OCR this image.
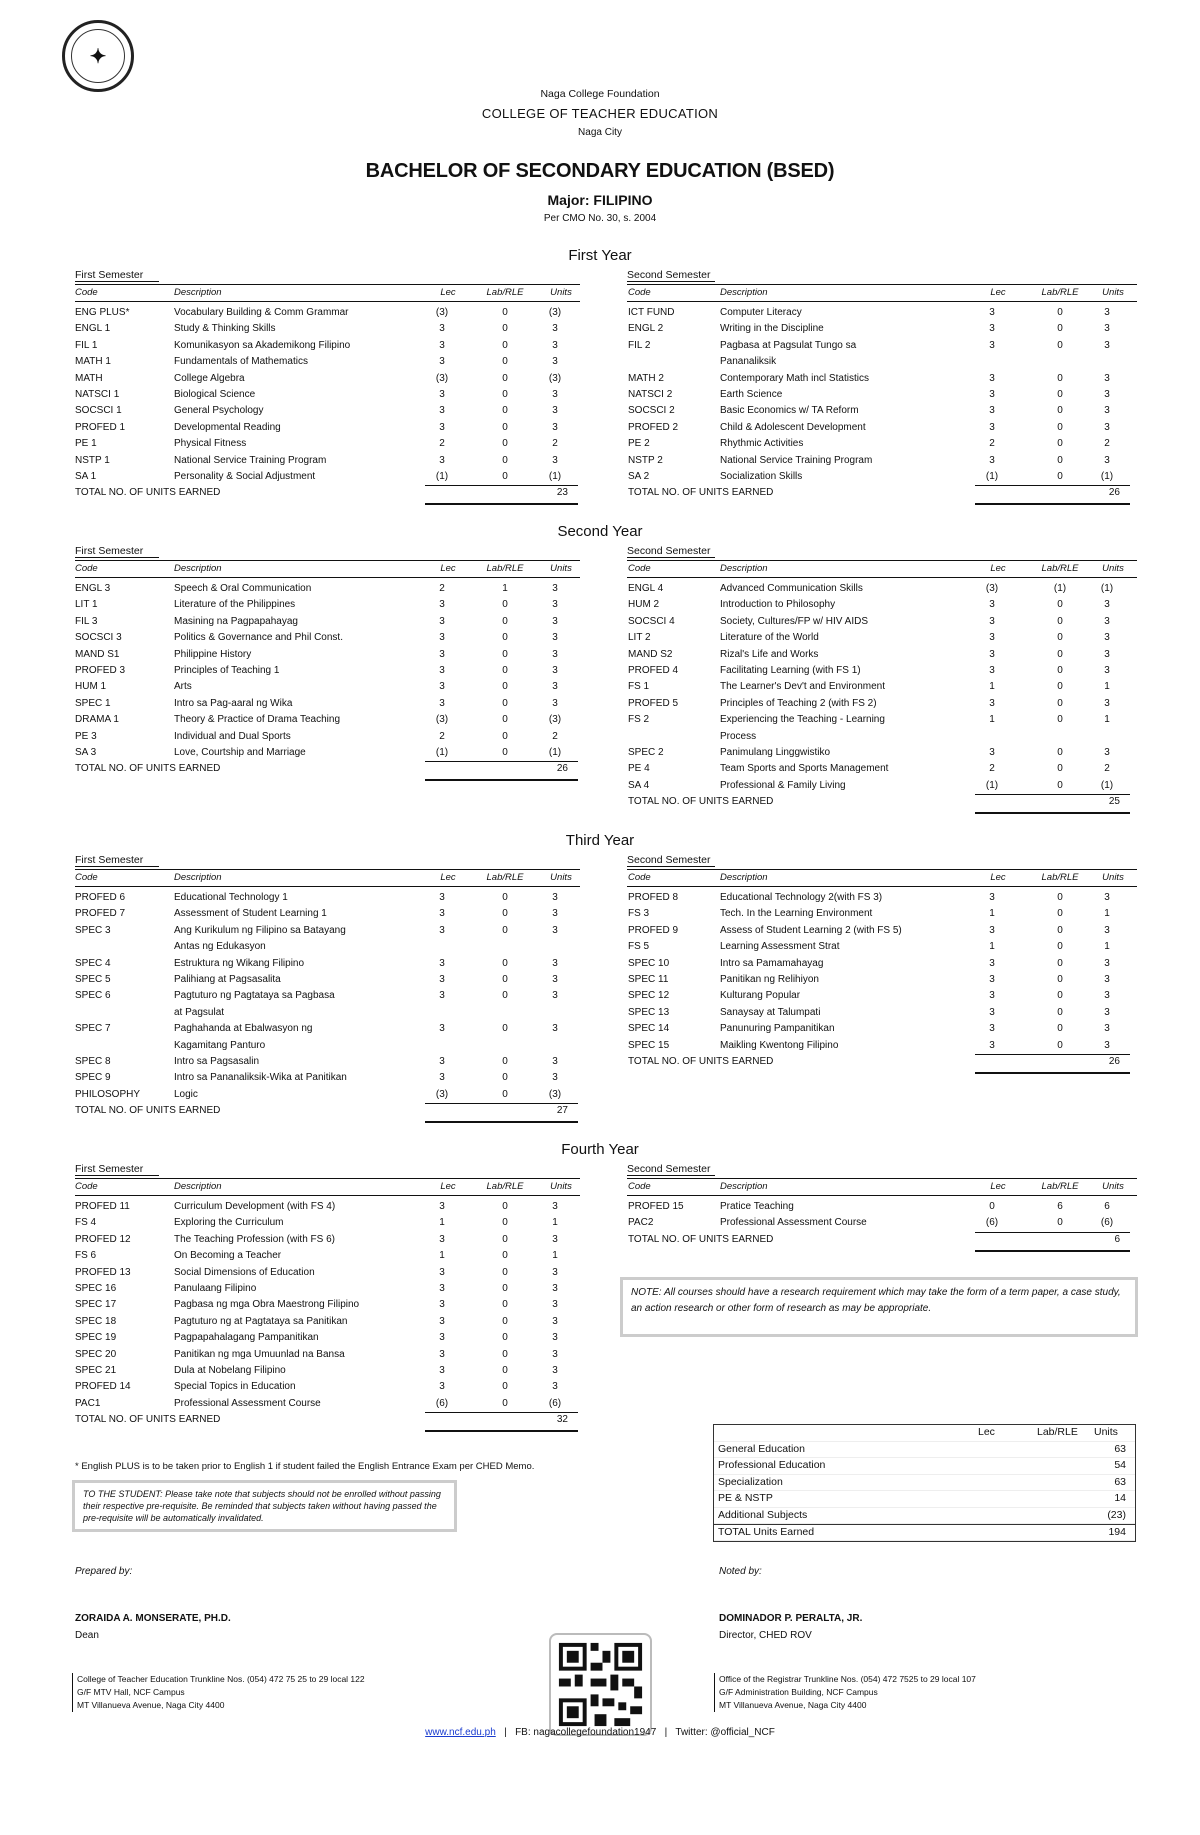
✦
Naga College Foundation
COLLEGE OF TEACHER EDUCATION
Naga City
BACHELOR OF SECONDARY EDUCATION (BSED)
Major: FILIPINO
Per CMO No. 30, s. 2004
First Year
First Semester
Code	Description	Lec	Lab/RLE	Units
ENG PLUS*	Vocabulary Building & Comm Grammar	(3)	0	(3)
ENGL 1	Study & Thinking Skills	3	0	3
FIL 1	Komunikasyon sa Akademikong Filipino	3	0	3
MATH 1	Fundamentals of Mathematics	3	0	3
MATH	College Algebra	(3)	0	(3)
NATSCI 1	Biological Science	3	0	3
SOCSCI 1	General Psychology	3	0	3
PROFED 1	Developmental Reading	3	0	3
PE 1	Physical Fitness	2	0	2
NSTP 1	National Service Training Program	3	0	3
SA 1	Personality & Social Adjustment	(1)	0	(1)
TOTAL NO. OF UNITS EARNED	23
Second Semester
Code	Description	Lec	Lab/RLE	Units
ICT FUND	Computer Literacy	3	0	3
ENGL 2	Writing in the Discipline	3	0	3
FIL 2	Pagbasa at Pagsulat Tungo sa	3	0	3
Pananaliksik
MATH 2	Contemporary Math incl Statistics	3	0	3
NATSCI 2	Earth Science	3	0	3
SOCSCI 2	Basic Economics w/ TA Reform	3	0	3
PROFED 2	Child & Adolescent Development	3	0	3
PE 2	Rhythmic Activities	2	0	2
NSTP 2	National Service Training Program	3	0	3
SA 2	Socialization Skills	(1)	0	(1)
TOTAL NO. OF UNITS EARNED	26
Second Year
First Semester
Code	Description	Lec	Lab/RLE	Units
ENGL 3	Speech & Oral Communication	2	1	3
LIT 1	Literature of the Philippines	3	0	3
FIL 3	Masining na Pagpapahayag	3	0	3
SOCSCI 3	Politics & Governance and Phil Const.	3	0	3
MAND S1	Philippine History	3	0	3
PROFED 3	Principles of Teaching 1	3	0	3
HUM 1	Arts	3	0	3
SPEC 1	Intro sa Pag-aaral ng Wika	3	0	3
DRAMA 1	Theory & Practice of Drama Teaching	(3)	0	(3)
PE 3	Individual and Dual Sports	2	0	2
SA 3	Love, Courtship and Marriage	(1)	0	(1)
TOTAL NO. OF UNITS EARNED	26
Second Semester
Code	Description	Lec	Lab/RLE	Units
ENGL 4	Advanced Communication Skills	(3)	(1)	(1)
HUM 2	Introduction to Philosophy	3	0	3
SOCSCI 4	Society, Cultures/FP w/ HIV AIDS	3	0	3
LIT 2	Literature of the World	3	0	3
MAND S2	Rizal's Life and Works	3	0	3
PROFED 4	Facilitating Learning (with FS 1)	3	0	3
FS 1	The Learner's Dev't and Environment	1	0	1
PROFED 5	Principles of Teaching 2 (with FS 2)	3	0	3
FS 2	Experiencing the Teaching - Learning	1	0	1
Process
SPEC 2	Panimulang Linggwistiko	3	0	3
PE 4	Team Sports and Sports Management	2	0	2
SA 4	Professional & Family Living	(1)	0	(1)
TOTAL NO. OF UNITS EARNED	25
Third Year
First Semester
Code	Description	Lec	Lab/RLE	Units
PROFED 6	Educational Technology 1	3	0	3
PROFED 7	Assessment of Student Learning 1	3	0	3
SPEC 3	Ang Kurikulum ng Filipino sa Batayang	3	0	3
Antas ng Edukasyon
SPEC 4	Estruktura ng Wikang Filipino	3	0	3
SPEC 5	Palihiang at Pagsasalita	3	0	3
SPEC 6	Pagtuturo ng Pagtataya sa Pagbasa	3	0	3
at Pagsulat
SPEC 7	Paghahanda at Ebalwasyon ng	3	0	3
Kagamitang Panturo
SPEC 8	Intro sa Pagsasalin	3	0	3
SPEC 9	Intro sa Pananaliksik-Wika at Panitikan	3	0	3
PHILOSOPHY	Logic	(3)	0	(3)
TOTAL NO. OF UNITS EARNED	27
Second Semester
Code	Description	Lec	Lab/RLE	Units
PROFED 8	Educational Technology 2(with FS 3)	3	0	3
FS 3	Tech. In the Learning Environment	1	0	1
PROFED 9	Assess of Student Learning 2 (with FS 5)	3	0	3
FS 5	Learning Assessment Strat	1	0	1
SPEC 10	Intro sa Pamamahayag	3	0	3
SPEC 11	Panitikan ng Relihiyon	3	0	3
SPEC 12	Kulturang Popular	3	0	3
SPEC 13	Sanaysay at Talumpati	3	0	3
SPEC 14	Panunuring Pampanitikan	3	0	3
SPEC 15	Maikling Kwentong Filipino	3	0	3
TOTAL NO. OF UNITS EARNED	26
Fourth Year
First Semester
Code	Description	Lec	Lab/RLE	Units
PROFED 11	Curriculum Development (with FS 4)	3	0	3
FS 4	Exploring the Curriculum	1	0	1
PROFED 12	The Teaching Profession (with FS 6)	3	0	3
FS 6	On Becoming a Teacher	1	0	1
PROFED 13	Social Dimensions of Education	3	0	3
SPEC 16	Panulaang Filipino	3	0	3
SPEC 17	Pagbasa ng mga Obra Maestrong Filipino	3	0	3
SPEC 18	Pagtuturo ng at Pagtataya sa Panitikan	3	0	3
SPEC 19	Pagpapahalagang Pampanitikan	3	0	3
SPEC 20	Panitikan ng mga Umuunlad na Bansa	3	0	3
SPEC 21	Dula at Nobelang Filipino	3	0	3
PROFED 14	Special Topics in Education	3	0	3
PAC1	Professional Assessment Course	(6)	0	(6)
TOTAL NO. OF UNITS EARNED	32
Second Semester
Code	Description	Lec	Lab/RLE	Units
PROFED 15	Pratice Teaching	0	6	6
PAC2	Professional Assessment Course	(6)	0	(6)
TOTAL NO. OF UNITS EARNED	6
NOTE: All courses should have a research requirement which may take the form of a term paper, a case study, an action research or other form of research as may be appropriate.
Lec	Lab/RLE Units
General Education	63
Professional Education	54
Specialization	63
PE & NSTP	14
Additional Subjects	(23)
TOTAL Units Earned	194
* English PLUS is to be taken prior to English 1 if student failed the English Entrance Exam per CHED Memo.
TO THE STUDENT: Please take note that subjects should not be enrolled without passing their respective pre-requisite. Be reminded that subjects taken without having passed the pre-requisite will be automatically invalidated.
Prepared by:	Noted by:
ZORAIDA A. MONSERATE, PH.D.
Dean
DOMINADOR P. PERALTA, JR.
Director, CHED ROV
College of Teacher Education Trunkline Nos. (054) 472 75 25 to 29 local 122
G/F MTV Hall, NCF Campus
MT Villanueva Avenue, Naga City 4400
Office of the Registrar Trunkline Nos. (054) 472 7525 to 29 local 107
G/F Administration Building, NCF Campus
MT Villanueva Avenue, Naga City 4400
www.ncf.edu.ph | FB: nagacollegefoundation1947 | Twitter: @official_NCF
